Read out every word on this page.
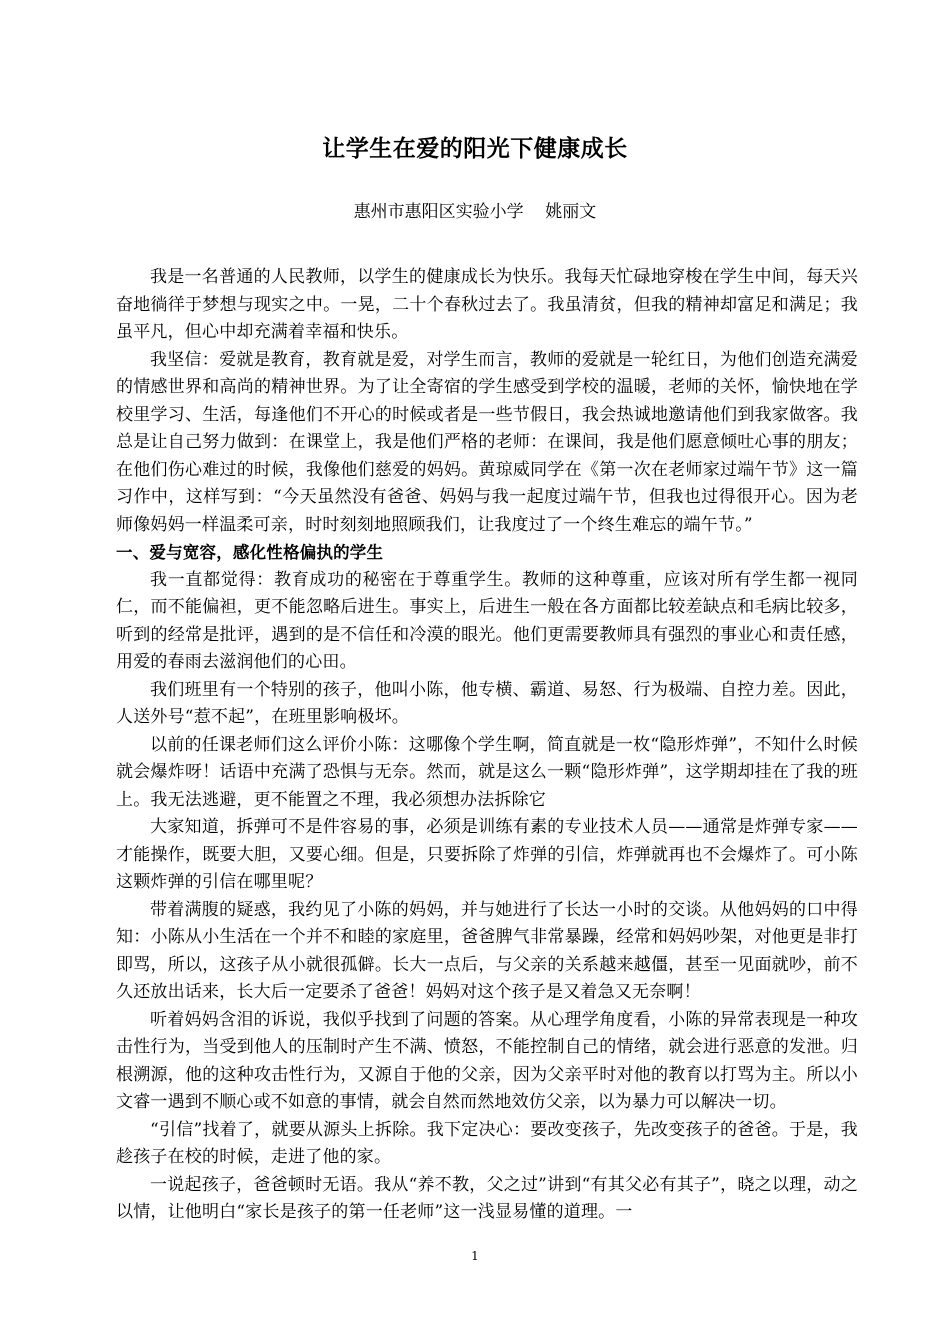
让学生在爱的阳光下健康成长
惠州市惠阳区实验小学    姚丽文

我是一名普通的人民教师，以学生的健康成长为快乐。我每天忙碌地穿梭在学生中间，每天兴奋地徜徉于梦想与现实之中。一晃，二十个春秋过去了。我虽清贫，但我的精神却富足和满足；我虽平凡，但心中却充满着幸福和快乐。

我坚信：爱就是教育，教育就是爱，对学生而言，教师的爱就是一轮红日，为他们创造充满爱的情感世界和高尚的精神世界。为了让全寄宿的学生感受到学校的温暖，老师的关怀，愉快地在学校里学习、生活，每逢他们不开心的时候或者是一些节假日，我会热诚地邀请他们到我家做客。我总是让自己努力做到：在课堂上，我是他们严格的老师：在课间，我是他们愿意倾吐心事的朋友；在他们伤心难过的时候，我像他们慈爱的妈妈。黄琼威同学在《第一次在老师家过端午节》这一篇习作中，这样写到：“今天虽然没有爸爸、妈妈与我一起度过端午节，但我也过得很开心。因为老师像妈妈一样温柔可亲，时时刻刻地照顾我们，让我度过了一个终生难忘的端午节。”

一、爱与宽容，感化性格偏执的学生

我一直都觉得：教育成功的秘密在于尊重学生。教师的这种尊重，应该对所有学生都一视同仁，而不能偏袒，更不能忽略后进生。事实上，后进生一般在各方面都比较差缺点和毛病比较多，听到的经常是批评，遇到的是不信任和冷漠的眼光。他们更需要教师具有强烈的事业心和责任感，用爱的春雨去滋润他们的心田。

我们班里有一个特别的孩子，他叫小陈，他专横、霸道、易怒、行为极端、自控力差。因此，人送外号“惹不起”，在班里影响极坏。

以前的任课老师们这么评价小陈：这哪像个学生啊，简直就是一枚“隐形炸弹”，不知什么时候就会爆炸呀！话语中充满了恐惧与无奈。然而，就是这么一颗“隐形炸弹”，这学期却挂在了我的班上。我无法逃避，更不能置之不理，我必须想办法拆除它

大家知道，拆弹可不是件容易的事，必须是训练有素的专业技术人员——通常是炸弹专家——才能操作，既要大胆，又要心细。但是，只要拆除了炸弹的引信，炸弹就再也不会爆炸了。可小陈这颗炸弹的引信在哪里呢？

带着满腹的疑惑，我约见了小陈的妈妈，并与她进行了长达一小时的交谈。从他妈妈的口中得知：小陈从小生活在一个并不和睦的家庭里，爸爸脾气非常暴躁，经常和妈妈吵架，对他更是非打即骂，所以，这孩子从小就很孤僻。长大一点后，与父亲的关系越来越僵，甚至一见面就吵，前不久还放出话来，长大后一定要杀了爸爸！妈妈对这个孩子是又着急又无奈啊！

听着妈妈含泪的诉说，我似乎找到了问题的答案。从心理学角度看，小陈的异常表现是一种攻击性行为，当受到他人的压制时产生不满、愤怒，不能控制自己的情绪，就会进行恶意的发泄。归根溯源，他的这种攻击性行为，又源自于他的父亲，因为父亲平时对他的教育以打骂为主。所以小文睿一遇到不顺心或不如意的事情，就会自然而然地效仿父亲，以为暴力可以解决一切。

“引信”找着了，就要从源头上拆除。我下定决心：要改变孩子，先改变孩子的爸爸。于是，我趁孩子在校的时候，走进了他的家。

一说起孩子，爸爸顿时无语。我从“养不教，父之过”讲到“有其父必有其子”，晓之以理，动之以情，让他明白“家长是孩子的第一任老师”这一浅显易懂的道理。一

1
